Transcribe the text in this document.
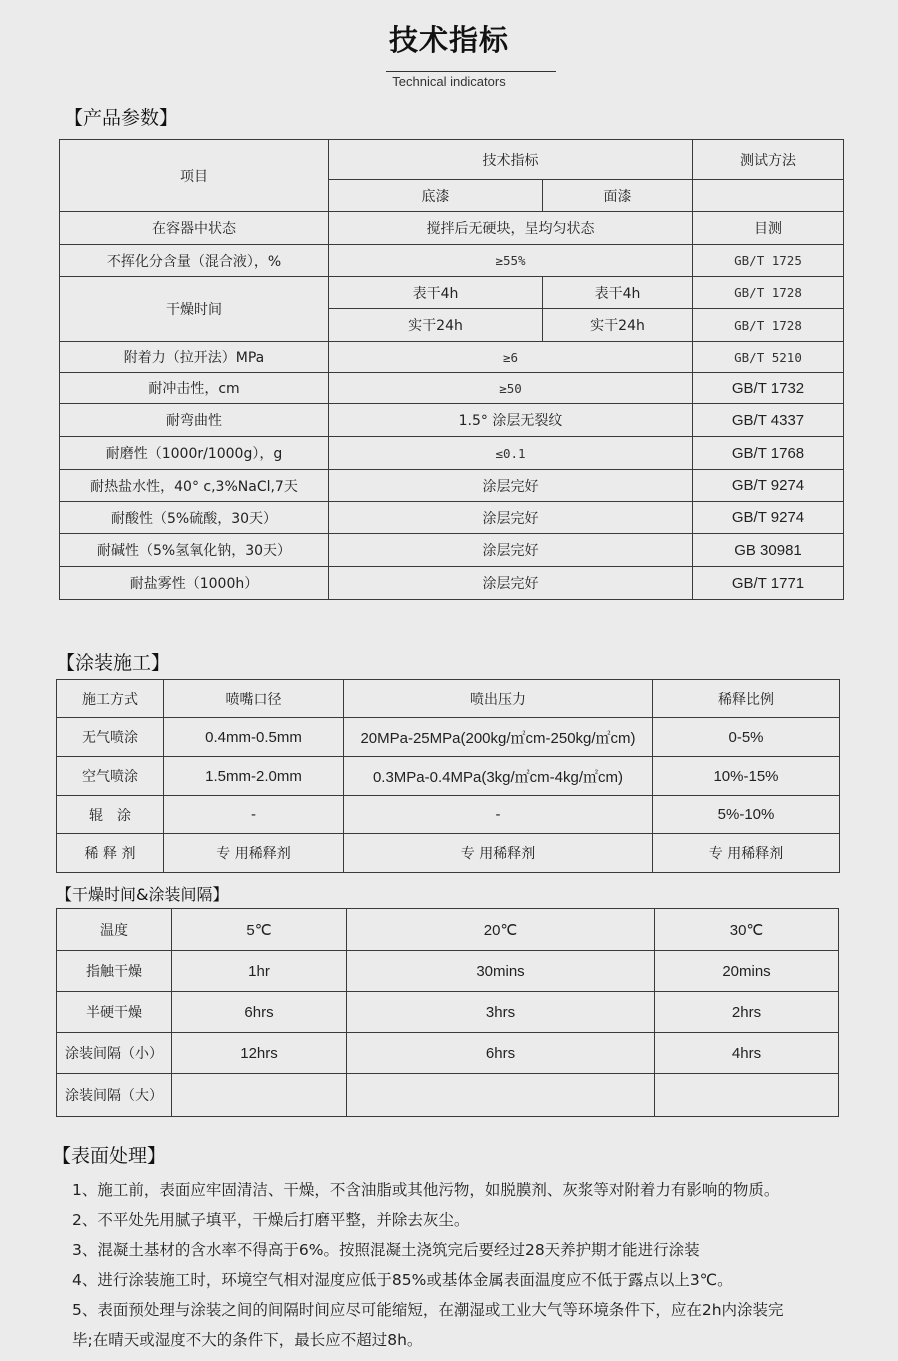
技术指标
Technical indicators
【产品参数】
项目	技术指标		测试方法
	底漆	面漆	
在容器中状态	搅拌后无硬块，呈均匀状态		目测
不挥化分含量（混合液），%	≥55%		GB/T 1725
干燥时间	表干4h	表干4h	GB/T 1728
	实干24h	实干24h	GB/T 1728
附着力（拉开法）MPa	≥6		GB/T 5210
耐冲击性，cm	≥50		GB/T 1732
耐弯曲性	1.5° 涂层无裂纹		GB/T 4337
耐磨性（1000r/1000g），g	≤0.1		GB/T 1768
耐热盐水性，40° c,3%NaCl,7天	涂层完好		GB/T 9274
耐酸性（5%硫酸，30天）	涂层完好		GB/T 9274
耐碱性（5%氢氧化钠，30天）	涂层完好		GB 30981
耐盐雾性（1000h）	涂层完好		GB/T 1771
【涂装施工】
施工方式	喷嘴口径	喷出压力	稀释比例
无气喷涂	0.4mm-0.5mm	20MPa-25MPa(200kg/㎡cm-250kg/㎡cm)	0-5%
空气喷涂	1.5mm-2.0mm	0.3MPa-0.4MPa(3kg/㎡cm-4kg/㎡cm)	10%-15%
辊　涂	-	-	5%-10%
稀 释 剂	专 用稀释剂	专 用稀释剂	专 用稀释剂
【干燥时间&涂装间隔】
温度	5℃	20℃	30℃
指触干燥	1hr	30mins	20mins
半硬干燥	6hrs	3hrs	2hrs
涂装间隔（小）	12hrs	6hrs	4hrs
涂装间隔（大）			
【表面处理】
1、施工前，表面应牢固清洁、干燥，不含油脂或其他污物，如脱膜剂、灰浆等对附着力有影响的物质。
2、不平处先用腻子填平，干燥后打磨平整，并除去灰尘。
3、混凝土基材的含水率不得高于6%。按照混凝土浇筑完后要经过28天养护期才能进行涂装
4、进行涂装施工时，环境空气相对湿度应低于85%或基体金属表面温度应不低于露点以上3℃。
5、表面预处理与涂装之间的间隔时间应尽可能缩短，在潮湿或工业大气等环境条件下，应在2h内涂装完
毕;在晴天或湿度不大的条件下，最长应不超过8h。
